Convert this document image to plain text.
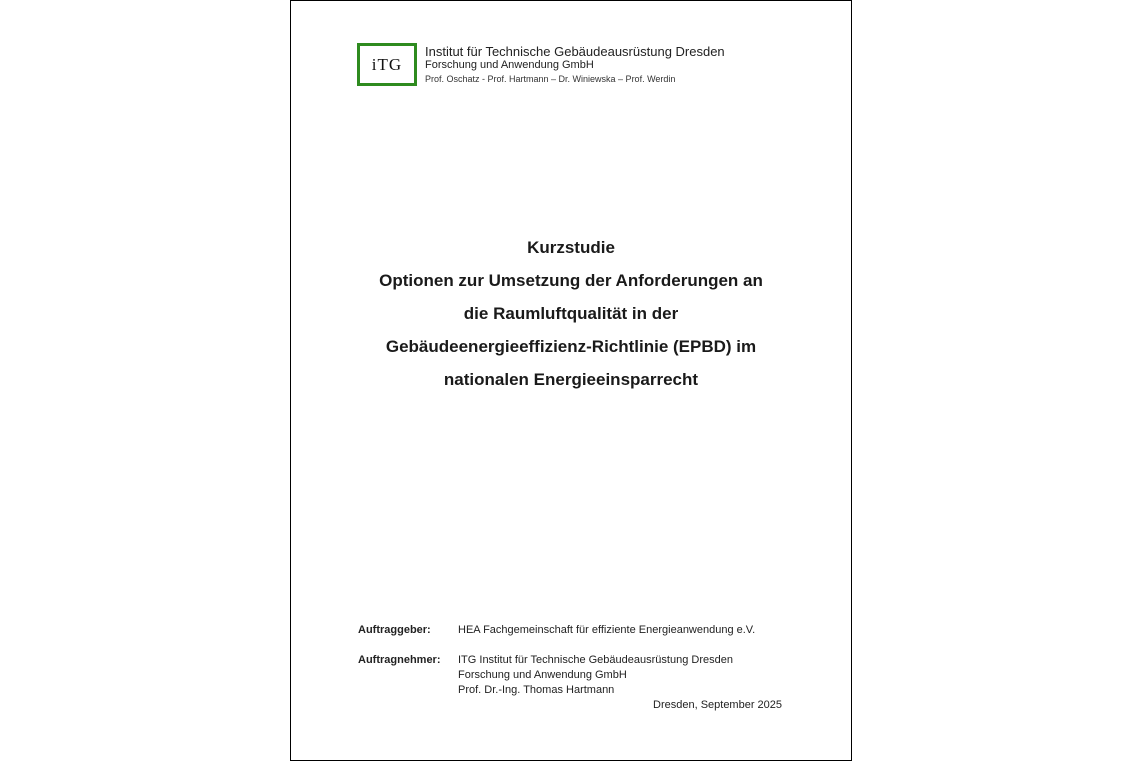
iTG
Institut für Technische Gebäudeausrüstung Dresden
Forschung und Anwendung GmbH
Prof. Oschatz - Prof. Hartmann – Dr. Winiewska – Prof. Werdin
Kurzstudie
Optionen zur Umsetzung der Anforderungen an
die Raumluftqualität in der
Gebäudeenergieeffizienz-Richtlinie (EPBD) im
nationalen Energieeinsparrecht
Auftraggeber: HEA Fachgemeinschaft für effiziente Energieanwendung e.V.
Auftragnehmer: ITG Institut für Technische Gebäudeausrüstung Dresden
Forschung und Anwendung GmbH
Prof. Dr.-Ing. Thomas Hartmann
Dresden, September 2025
